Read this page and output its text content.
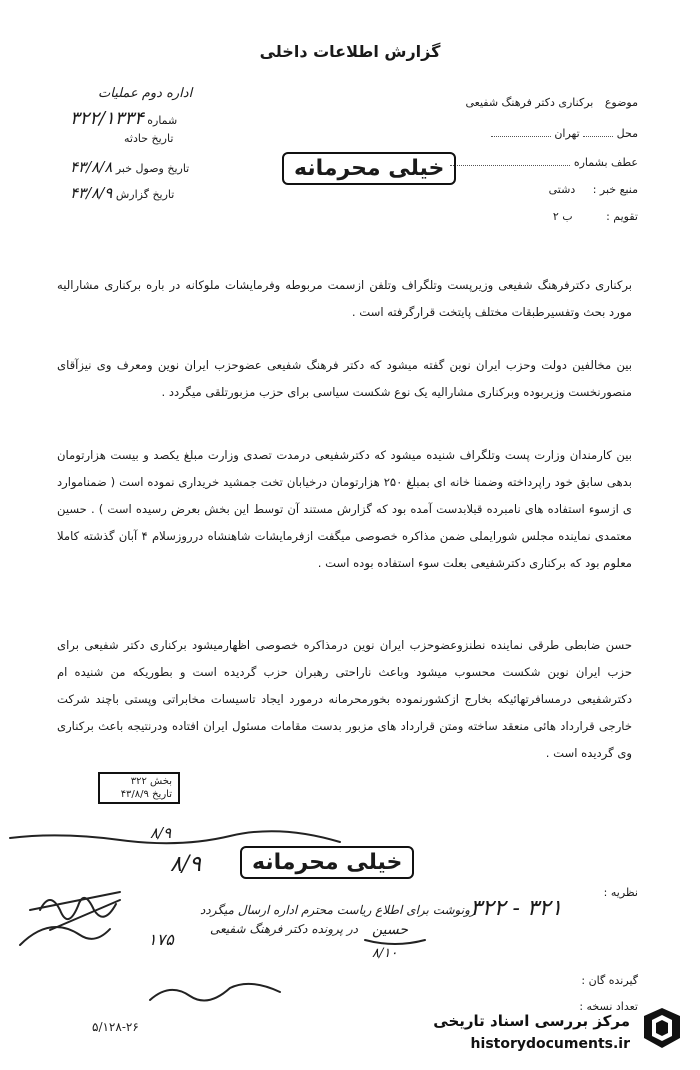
گزارش اطلاعات داخلی
موضوع برکناری دکتر فرهنگ شفیعی
محل  تهران
عطف بشماره
منبع خبر : دشتی
تقویم : ب ۲
اداره دوم عملیات
شماره ۳۲۲/۱۳۳۴
تاریخ حادثه
تاریخ وصول خبر ۴۳/۸/۸
تاریخ گزارش ۴۳/۸/۹
خیلی محرمانه
برکناری دکترفرهنگ شفیعی وزیرپست وتلگراف وتلفن ازسمت مربوطه وفرمایشات ملوکانه در باره برکناری مشارالیه مورد بحث وتفسیرطبقات مختلف پایتخت قرارگرفته است .
بین مخالفین دولت وحزب ایران نوین گفته میشود که دکتر فرهنگ شفیعی عضوحزب ایران نوین ومعرف وی نیزآقای منصورنخست وزیربوده وبرکناری مشارالیه یک نوع شکست سیاسی برای حزب مزبورتلقی میگردد .
بین کارمندان وزارت پست وتلگراف شنیده میشود که دکترشفیعی درمدت تصدی وزارت مبلغ یکصد و بیست هزارتومان بدهی سابق خود راپرداخته وضمنا خانه ای بمبلغ ۲۵۰ هزارتومان درخیابان تخت جمشید خریداری نموده است ( ضمناموارد ی ازسوء استفاده های نامبرده قبلابدست آمده بود که گزارش مستند آن توسط این بخش بعرض رسیده است ) . حسین معتمدی نماینده مجلس شورایملی ضمن مذاکره خصوصی میگفت ازفرمایشات شاهنشاه درروزسلام ۴ آبان گذشته کاملا معلوم بود که برکناری دکترشفیعی بعلت سوء استفاده بوده است .
حسن ضابطی طرقی نماینده نطنزوعضوحزب ایران نوین درمذاکره خصوصی اظهارمیشود برکناری دکتر شفیعی برای حزب ایران نوین شکست محسوب میشود وباعث ناراحتی رهبران حزب گردیده است و بطوریکه من شنیده ام دکترشفیعی درمسافرتهائیکه بخارج ازکشورنموده بخورمحرمانه درمورد ایجاد تاسیسات مخابراتی وپستی باچند شرکت خارجی قرارداد هائی منعقد ساخته ومتن قرارداد های مزبور بدست مقامات مسئول ایران افتاده ودرنتیجه باعث برکناری وی گردیده است .
بخش ۳۲۲
تاریخ ۴۳/۸/۹
۸/۹
خیلی محرمانه
۸/۹
نظریه :
۳۲۲ - ۳۲۱
رونوشت برای اطلاع ریاست محترم اداره ارسال میگردد
در پرونده دکتر فرهنگ شفیعی حسین
۸/۱۰
۱۷۵
گیرنده گان :
تعداد نسخه :
۵/۱۲۸-۲۶	مرکز بررسی اسناد تاریخی
historydocuments.ir
